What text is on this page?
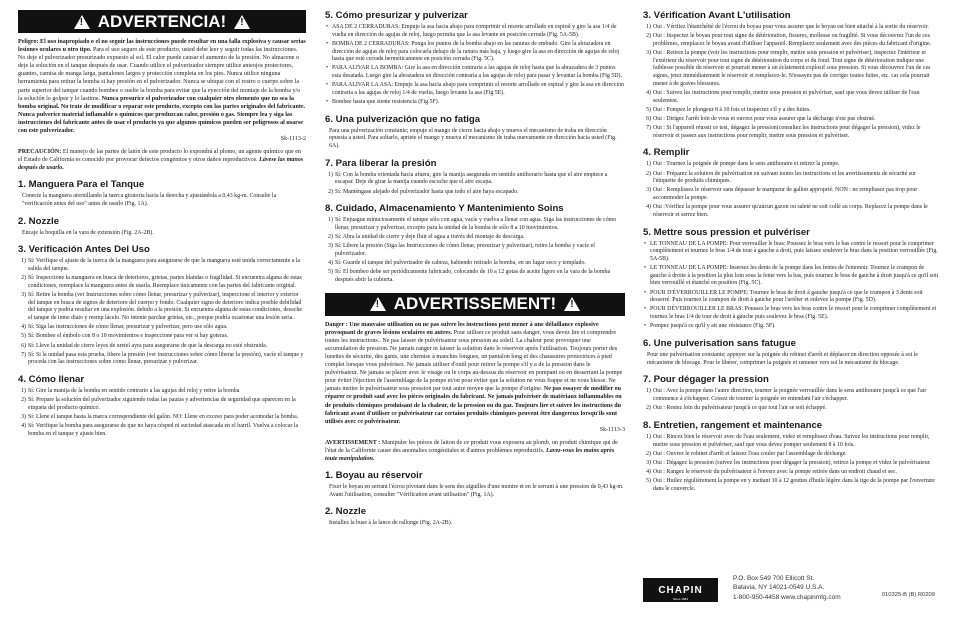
!
ADVERTENCIA!
!

Peligro: El uso inapropiado o el no seguir las instrucciones puede resultar en una falla explosiva y causar serias lesiones oculares u otro tipo. Para el uso seguro de este producto, usted debe leer y seguir todas las instrucciones. No deje el pulverizador presurizado expuesto al sol. El calor puede causar el aumento de la presión. No almacene o deje la solución en el tanque después de usar. Cuando utilice el pulverizador siempre utilice anteojos protectores, guantes, camisa de manga larga, pantalones largos y protección completa en los pies. Nunca utilice ninguna herramienta para retirar la bomba si hay presión en el pulverizador. Nunca se ubique con el rostro o cuerpo sobre la parte superior del tanque cuando bombee o suelte la bomba para evitar que la eyección del montaje de la bomba y/o la solución lo golpee y lo lastime. Nunca presurice el pulverizador con cualquier otro elemento que no sea la bomba original. No trate de modificar o reparar este producto, excepto con las partes originales del fabricante. Nunca pulverice material inflamable o químicos que produzcan calor, presión o gas. Siempre lea y siga las instrucciones del fabricante antes de usar el producto ya que algunos químicos pueden ser peligrosos al usarse con este pulverizador.

Sk-1113-2

PRECAUCIÓN: El manejo de las partes de latón de este producto lo expondrá al plomo, un agente químico que en el Estado de California es conocido por provocar defectos congénitos y otros daños reproductivos. Lávese las manos después de usarlo.

1. Manguera Para el Tanque

Conecte la manguera atornillando la tuerca giratoria hacia la derecha y ajustándola a 0,43 kg-m. Consulte la "verificación antes del uso" antes de usarlo (Fig. 1A).

2. Nozzle

Encaje la boquilla en la vara de extensión (Fig. 2A-2B).

3. Verificación Antes Del Uso
1) Sí: Verifique el ajuste de la tuerca de la manguera para asegurarse de que la manguera esté unida correctamente a la salida del tanque.
2) Sí: Inspeccione la manguera en busca de deterioros, grietas, partes blandas o fragilidad. Si encuentra alguna de estas condiciones, reemplace la manguera antes de usarla. Reemplace únicamente con las partes del fabricante original.
3) Sí: Retire la bomba (ver Instrucciones sobre cómo llenar, presurizar y pulverizar), inspeccione el interior y exterior del tanque en busca de signos de deterioro del cuerpo y fondo. Cualquier signo de deterioro indica posible debilidad del tanque y podría resultar en una explosión. debido a la presión. Si encuentra alguna de estas condiciones, deseche el tanque de inme diato y reemp lácelo. No intente parchar grietas, etc., porque podría ocasionar una lesión seria.
4) Sí: Siga las instrucciones de cómo llenar, presurizar y pulverizar, pero use sólo agua.
5) Sí: Bombee el émbolo con 8 o 10 movimientos e inspeccione para ver si hay goteras.
6) Sí: Lleve la unidad de cierre leyes de uretel ayra para asegurarse de que la descarga no esté obstruida.
7) Sí: Si la unidad pasa esta prueba, libere la presión (ver instrucciones sobre cómo liberar la presión), vacíe el tanque y proceda con las instrucciones sobre cómo llenar, presurizar y pulverizar.
4. Cómo llenar
1) Sí: Gire la manija de la bomba en sentido contrario a las agujas del reloj y retire la bomba
2) Sí: Prepare la solución del pulverizador siguiendo todas las pautas y advertencias de seguridad que aparecen en la etiqueta del producto químico.
3) Sí: Llene el tanque hasta la marca correspondiente del galón. NO: Llene en exceso para poder acomodar la bomba.
4) Sí: Verifique la bomba para asegurarse de que no haya césped ni suciedad atascada en el barril. Vuelva a colocar la bomba en el tanque y ajuste bien.
5. Cómo presurizar y pulverizar
• ASA DE 2 CERRADURAS: Empuje la asa hacia abajo para comprimir el resorte arrollado en espiral y gire la asa 1/4 de vuelta en dirección de agujas de reloj, luego permita que la asa levante en posición cerrada (Fig. 5A-5B).
• BOMBA DE 2 CERRADURAS: Ponga los puntos de la bomba abajo en las ranuras de embudo. Gire la abrazadera en dirección de agujas de reloj para colocarla debajo de la ranura más baja, y luego gire la asa en dirección de agujas de reloj hasta que esté cerrada herméticamente en posición cerrada (Fig. 5C).
• PARA ALIVAR LA BOMBA: Gire la asa en dirección contraria a las agujas de reloj hasta que la abrazadera de 3 puntos esta desatada. Luego gire la abrazadera en dirección contraria a las agujas de reloj para pasar y levantar la bomba (Fig 5D).
• PARA ALIVAR LA ASA: Empuje la asa hacia abajo para comprimir el resorte arrollado en espiral y gire la asa en dirección contraria a las agujas de reloj 1/4 de vuelta, luego levante la asa (Fig 5E).
• Bombee hasta que siente resistencia (Fig 5F).
6. Una pulverización que no fatiga

Para una pulverización constante; empuje el mango de cierre hacia abajo y mueva el mecanismo de traba en dirección opuesta a usted. Para soltarlo, apriete el mango y mueva el mecanismo de traba nuevamente en dirección hacia usted (Fig. 6A).

7. Para liberar la presión
1) Sí: Con la bomba orientada hacia afuera, gire la manija asegurada en sentido antihorario hasta que el aire empiece a escapar. Deje de girar la manija cuando escuche que el aire escapa.
2) Sí: Manténgase alejado del pulverizador hasta que todo el aire haya escapado.
8. Cuidado, Almacenamiento Y Mantenimiento Soins
1) Sí: Enjuague minuciosamente el tanque sólo con agua, vacíe y vuelva a llenar con agua. Siga las instrucciones de cómo llenar, presurizar y pulverizar, excepto para la unidad de la bomba de sólo 8 a 10 movimientos.
2) Sí: Abra la unidad de cierre y deje fluir el agua a través del montaje de descarga.
3) Sí: Libere la presión (Siga las Instrucciones de cómo llenar, presurizar y pulverizar), retire la bomba y vacíe el pulverizador.
4) Sí: Guarde el tanque del pulverizador de cabeza, habiendo retirado la bomba, en un lugar seco y templado.
5) Sí: El bombeo debe ser periódicamente lubricado, colocando de 10 a 12 gotas de aceite ligero en la vara de la bomba después abrir la cubierta.
!
ADVERTISSEMENT!
!

Danger : Une mauvaise utilisation ou ne pas suivre les instructions peut mener à une défaillance explosive provoquant de graves lésions oculaires ou autres. Pour utiliser ce produit sans danger, vous devez lire et comprendre toutes les instructions.. Ne pas laisser de pulvérisateur sous pression au soleil. La chaleur peut provoquer une accumulation de pression. Ne jamais ranger ni laisser la solution dans le réservoir après l'utilisation. Toujours porter des lunettes de sécurité, des gants, une chemise à manches longues, un pantalon long et des chaussures protectrices à pied complet lorsque vous pulvérisez. Ne jamais utiliser d'outil pour retirer la pompe s'il y a de la pression dans le pulvérisateur. Ne jamais se placer avec le visage ou le corps au-dessus du réservoir en pompant ou en desserrant la pompe pour éviter l'éjection de l'assemblage de la pompe et/ou pour éviter que la solution ne vous frappe et ne vous blesse. Ne jamais mettre le pulvérisateur sous pression par tout autre moyen que la pompe d'origine. Ne pas essayer de modifier ou réparer ce produit sauf avec les pièces originales du fabricant. Ne jamais pulvériser de matériaux inflammables ou de produits chimiques produisant de la chaleur, de la pression ou du gaz. Toujours lire et suivre les instructions du fabricant avant d'utiliser ce pulvérisateur car certains produits chimiques peuvent être dangereux lorsqu'ils sont utilisés avec ce pulvérisateur.

Sk-1113-3

AVERTISSEMENT : Manipuler les pièces de laiton de ce produit vous exposera au plomb, un produit chimique qui de l'état de la Californie cause des anomalies congénitales et d'autres problèmes reproductifs. Lavez-vous les mains après toute manipulation.

1. Boyau au réservoir

Fixer le boyau en serrant l'écrou pivotant dans le sens des aiguilles d'une montre et en le serrant à une pression de 0,43 kg-m. Avant l'utilisation, consulter "Vérification avant utilisation" (Fig. 1A).

2. Nozzle

Installez la buse à la lance de rallonge (Fig. 2A-2B).

3. Vérification Avant L'utilisation
1) Oui : Vérifiez l'étanchéité de l'écrou du boyau pour vous assurer que le boyau est bien attaché à la sortie du réservoir.
2) Oui : Inspectez le boyau pour tout signe de détérioration, fissures, mollesse ou fragilité. Si vous découvrez l'un de ces problèmes, remplacez le boyau avant d'utiliser l'appareil. Remplacez seulement avec des pièces du fabricant d'origine.
3) Oui : Retirez la pompe (voir les instructions pour remplir, mettre sous pression et pulvériser), inspectez l'intérieur et l'extérieur du réservoir pour tout signe de détérioration du corps et du fond. Tout signe de détérioration indique une faiblesse possible du réservoir et pourrait mener à un éclatement explosif sous pression. Si vous découvrez l'un de ces signes, jetez immédiatement le réservoir et remplacez-le. N'essayez pas de corriger toutes fuites, etc. car cela pourrait mener à de graves blessures.
4) Oui : Suivez les instructions pour remplir, mettre sous pression et pulvériser, sauf que vous devez utiliser de l'eau seulement.
5) Oui : Pompez le plongeur 8 à 10 fois et inspectez s'il y a des fuites.
6) Oui : Dirigez l'arrêt loin de vous et ouvrez pour vous assurer que la décharge n'est pas obstrué.
7) Oui : Si l'appareil réussit ce test, dégagez la pression(consultez les instructions pour dégager la pression), videz le réservoir et passez aux instructions pour remplir, mettre sous pression et pulvériser.
4. Remplir
1) Oui : Tournez la poignée de pompe dans le sens antihoraire et retirez la pompe.
2) Oui : Préparez la solution de pulvérisation en suivant toutes les instructions et les avertissements de sécurité sur l'étiquette de produits chimiques.
3) Oui : Remplissez le réservoir sans dépasser le marqueur de gallon approprié. NON : ne remplissez pas trop pour accommoder la pompe.
4) Oui :Vérifiez la pompe pour vous assurer qu'aucun gazon ou saleté ne soit collé au corps. Replacez la pompe dans le réservoir et serrez bien.
5. Mettre sous pression et pulvériser
• LE TONNEAU DE LA POMPE: Pour verrouiller le bras: Poussez le bras vers le bas contre le ressort pour le comprimer complètement et tournez le bras 1/4 de tour à gauche à droit, puis laissez soulever le bras dans la position verrouillée (Fig. 5A-5B).
• LE TONNEAU DE LA POMPE: Insersez les dents de la pompe dans les fentes de l'entonoir. Tournez le crampon de gauche à droite à la position la plus loin sous la fente vers la bas, puis tournez le bras de gauche à droit jusqu'à ce qu'il soit bien verrouillé et étanché en position (Fig. 5C).
• POUR D'ÉVERROUILLER LE POMPE: Tournez le bras de droit à gauche jusqu'à ce que le crampon à 3 dents soit desserré. Puis tournez le crampon de droit à gauche pour l'arrêter et enlevez la pompe (Fig. 5D).
• POUR DÉVERROUILLER LE BRAS: Poussez le bras vers les bras contre le ressort pour le comprimer complètement et tournez le bras 1/4 de tour de droit à gauche puis soulevez le bras (Fig. 5E).
• Pompez jusqu'à ce qu'il y ait une résistance (Fig. 5F).
6. Une pulverisation sans fatugue

Pour une pulvérisation constante; appuyer sur la poignée du robinet d'arrêt et déplacer en direction opposée à soi le mécanisme de blocage. Pour le libérer, comprimer la poignée et ramener vers soi le mécanisme de blocage.

7. Pour dégager la pression
1) Oui : Avec la pompe dans l'autre direction, tourner la poignée verrouillée dans le sens antihoraire jusqu'à ce que l'air commence à s'échapper. Cessez de tourner la poignée en entendant l'air s'échapper.
2) Oui : Restez loin du pulvérisateur jusqu'à ce que tout l'air se soit échappé.
8. Entretien, rangement et maintenance
1) Oui : Rincez bien le réservoir avec de l'eau seulement, videz et remplissez d'eau. Suivez les instructions pour remplir, mettre sous pression et pulvériser, sauf que vous devez pomper seulement 8 à 10 fois.
2) Oui : Ouvrez le robinet d'arrêt et laissez l'eau couler par l'assemblage de décharge.
3) Oui : Dégagez la pression (suivez les instructions pour dégager la pression), retirez la pompe et videz le pulvérisateur.
4) Oui : Rangez le réservoir du pulvérisateur à l'envers avec la pompe retirée dans un endroit chaud et sec.
5) Oui : Huilez régulièrement la pompe en y mettant 10 à 12 gouttes d'huile légère dans la tige de la pompe par l'ouverture dans le couvercle.
CHAPIN
Since 1884
P.O. Box 549 700 Ellicott St.
Batavia, NY 14021-0549 U.S.A.
1-800-950-4458 www.chapinmfg.com	010325-B (B) R0209
